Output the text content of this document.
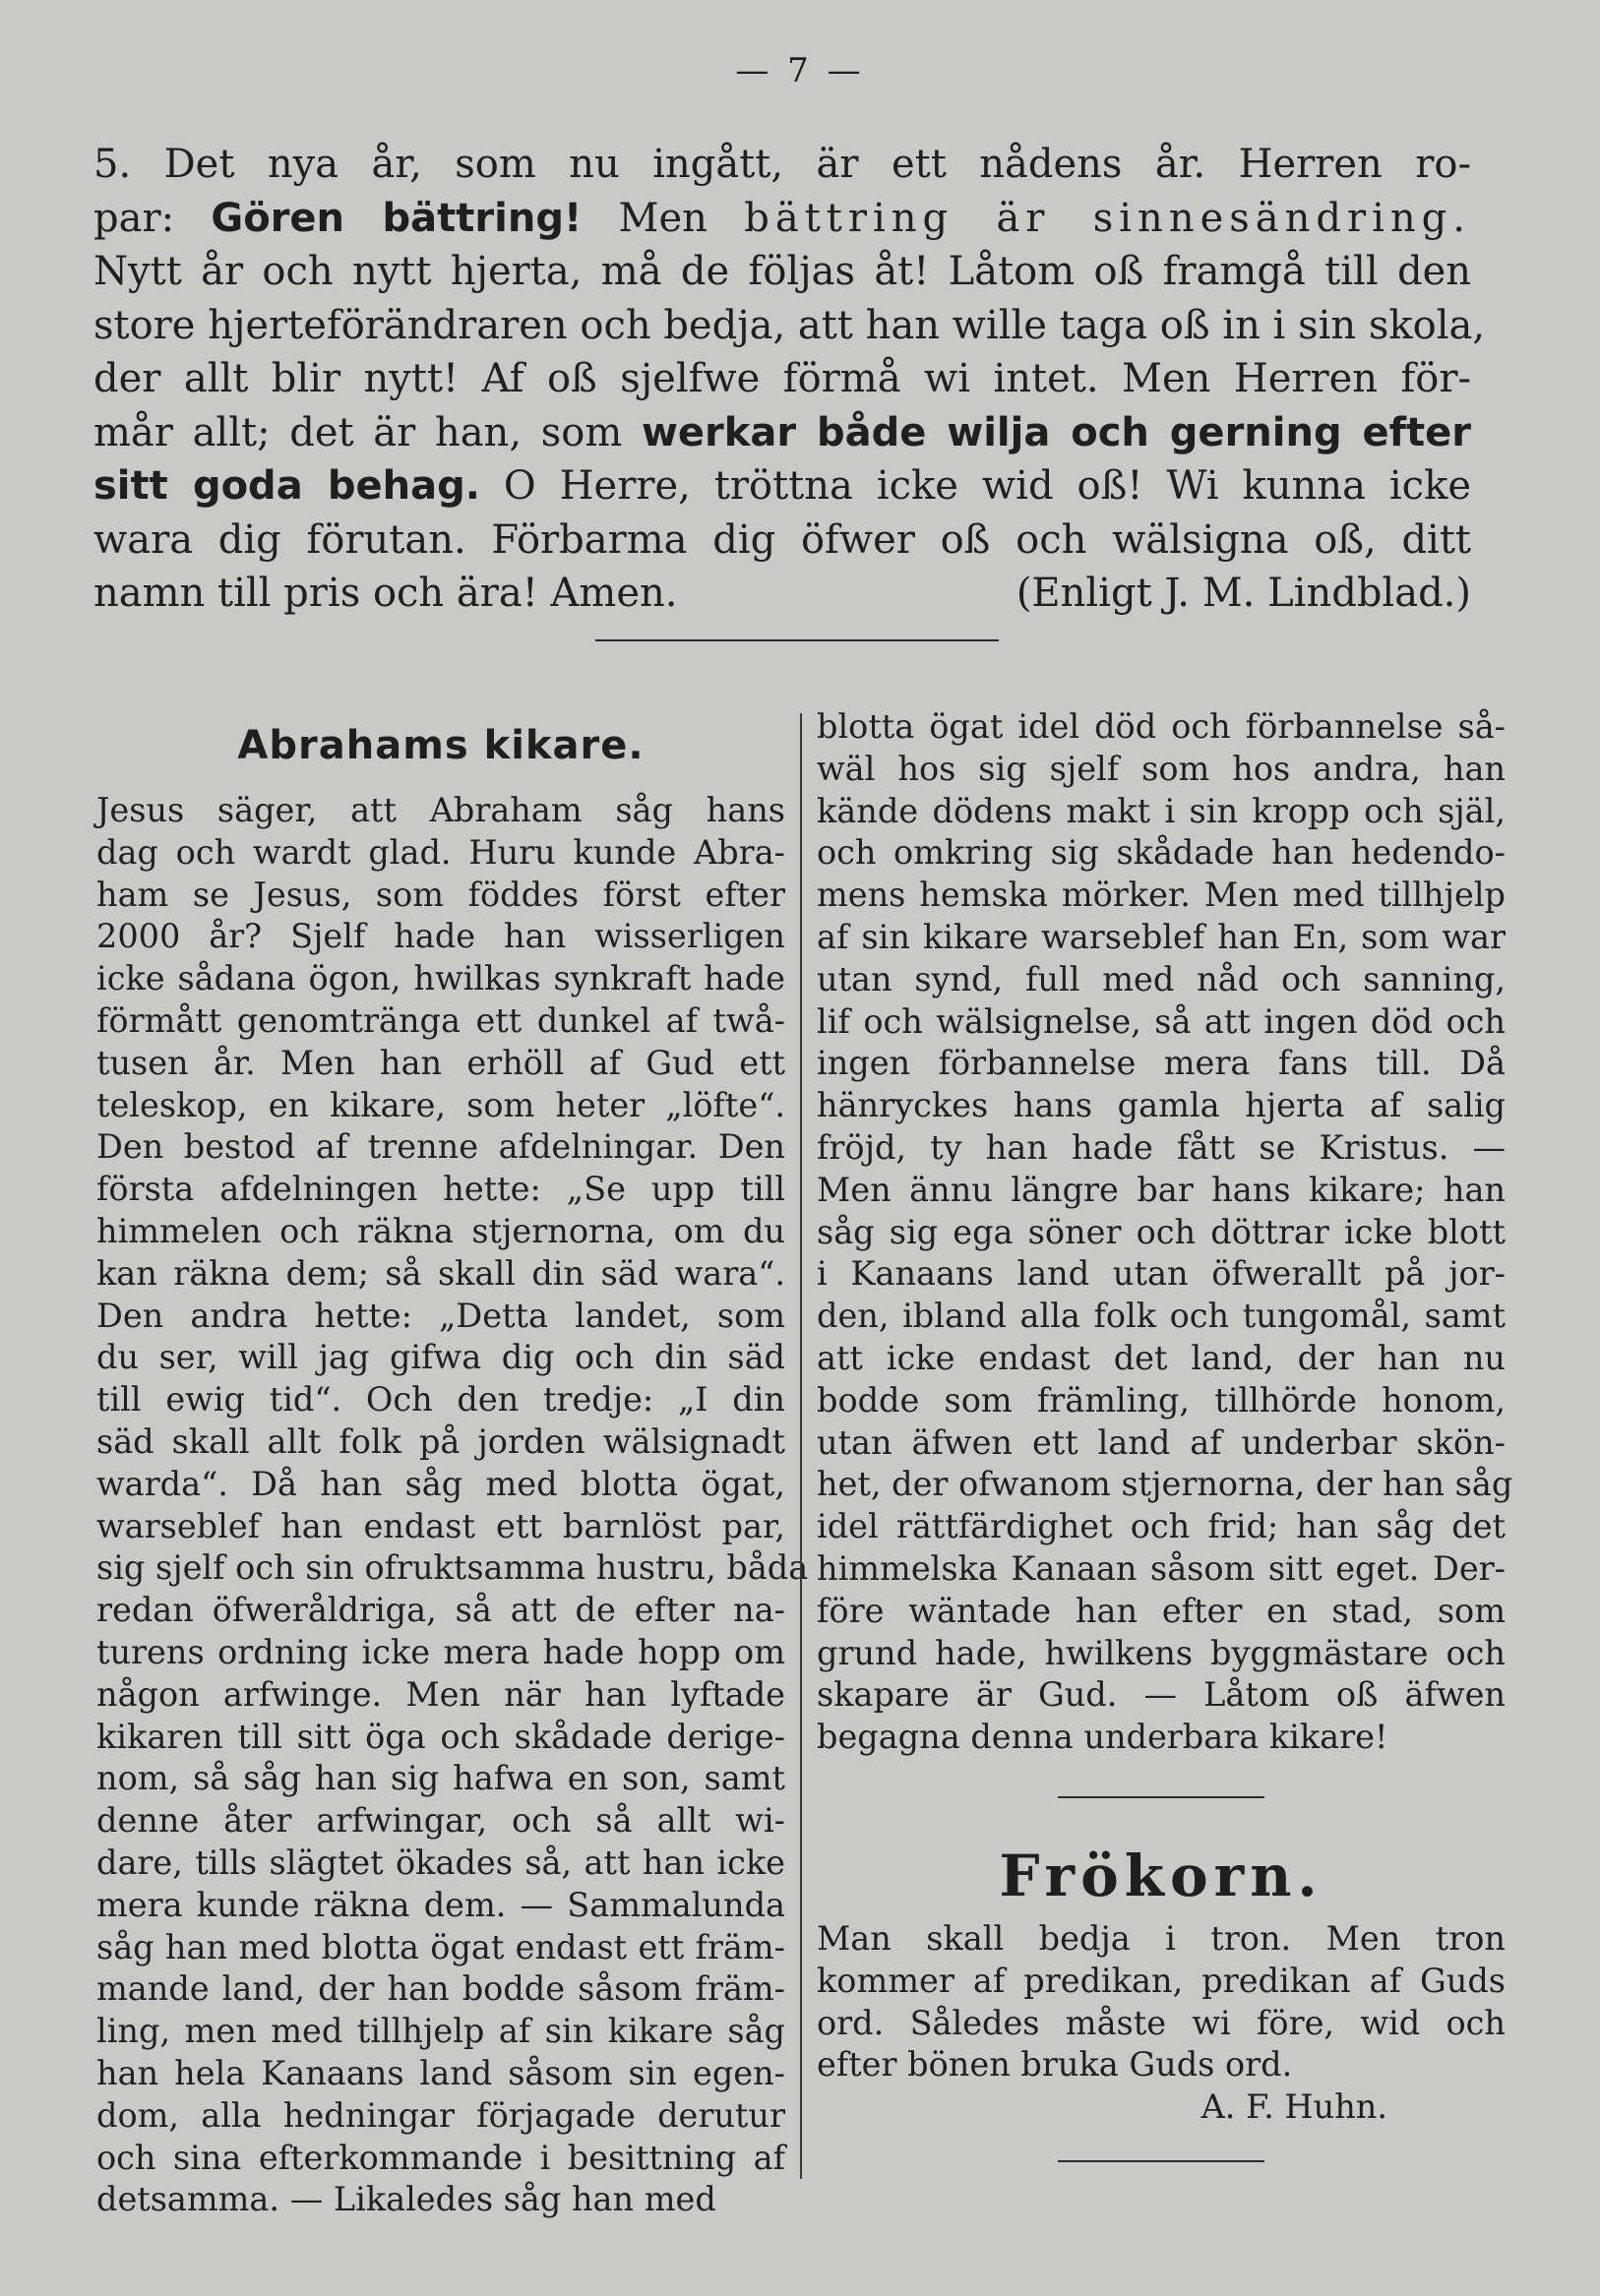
— 7 —
5. Det nya år, som nu ingått, är ett nådens år. Herren ro-
par: Gören bättring! Men bättring är sinnesändring.
Nytt år och nytt hjerta, må de följas åt! Låtom oß framgå till den
store hjerteförändraren och bedja, att han wille taga oß in i sin skola,
der allt blir nytt! Af oß sjelfwe förmå wi intet. Men Herren för-
mår allt; det är han, som werkar både wilja och gerning efter
sitt goda behag. O Herre, tröttna icke wid oß! Wi kunna icke
wara dig förutan. Förbarma dig öfwer oß och wälsigna oß, ditt
namn till pris och ära! Amen.	(Enligt J. M. Lindblad.)
Abrahams kikare.
Jesus säger, att Abraham såg hans
dag och wardt glad. Huru kunde Abra-
ham se Jesus, som föddes först efter
2000 år? Sjelf hade han wisserligen
icke sådana ögon, hwilkas synkraft hade
förmått genomtränga ett dunkel af twå-
tusen år. Men han erhöll af Gud ett
teleskop, en kikare, som heter „löfte“.
Den bestod af trenne afdelningar. Den
första afdelningen hette: „Se upp till
himmelen och räkna stjernorna, om du
kan räkna dem; så skall din säd wara“.
Den andra hette: „Detta landet, som
du ser, will jag gifwa dig och din säd
till ewig tid“. Och den tredje: „I din
säd skall allt folk på jorden wälsignadt
warda“. Då han såg med blotta ögat,
warseblef han endast ett barnlöst par,
sig sjelf och sin ofruktsamma hustru, båda
redan öfweråldriga, så att de efter na-
turens ordning icke mera hade hopp om
någon arfwinge. Men när han lyftade
kikaren till sitt öga och skådade derige-
nom, så såg han sig hafwa en son, samt
denne åter arfwingar, och så allt wi-
dare, tills slägtet ökades så, att han icke
mera kunde räkna dem. — Sammalunda
såg han med blotta ögat endast ett främ-
mande land, der han bodde såsom främ-
ling, men med tillhjelp af sin kikare såg
han hela Kanaans land såsom sin egen-
dom, alla hedningar förjagade derutur
och sina efterkommande i besittning af
detsamma. — Likaledes såg han med
blotta ögat idel död och förbannelse så-
wäl hos sig sjelf som hos andra, han
kände dödens makt i sin kropp och själ,
och omkring sig skådade han hedendo-
mens hemska mörker. Men med tillhjelp
af sin kikare warseblef han En, som war
utan synd, full med nåd och sanning,
lif och wälsignelse, så att ingen död och
ingen förbannelse mera fans till. Då
hänryckes hans gamla hjerta af salig
fröjd, ty han hade fått se Kristus. —
Men ännu längre bar hans kikare; han
såg sig ega söner och döttrar icke blott
i Kanaans land utan öfwerallt på jor-
den, ibland alla folk och tungomål, samt
att icke endast det land, der han nu
bodde som främling, tillhörde honom,
utan äfwen ett land af underbar skön-
het, der ofwanom stjernorna, der han såg
idel rättfärdighet och frid; han såg det
himmelska Kanaan såsom sitt eget. Der-
före wäntade han efter en stad, som
grund hade, hwilkens byggmästare och
skapare är Gud. — Låtom oß äfwen
begagna denna underbara kikare!
Frökorn.
Man skall bedja i tron. Men tron
kommer af predikan, predikan af Guds
ord. Således måste wi före, wid och
efter bönen bruka Guds ord.
A. F. Huhn.
